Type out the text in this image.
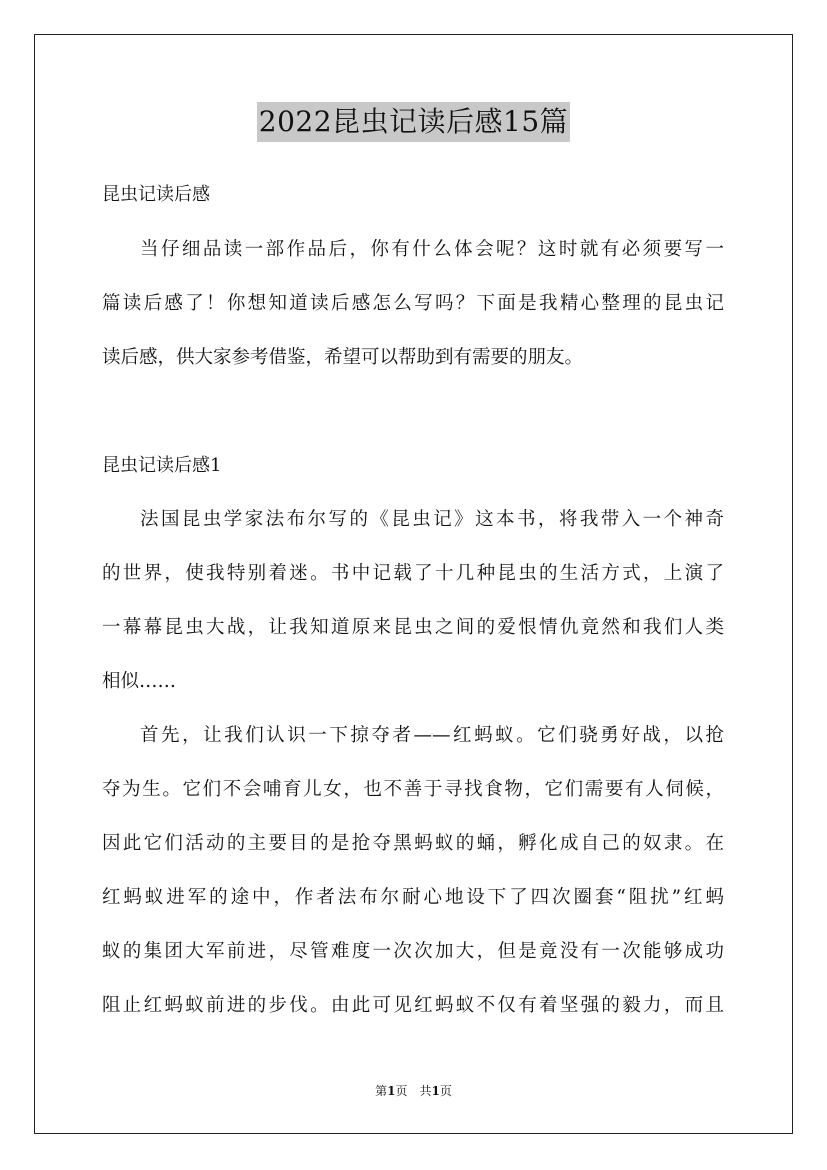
2022昆虫记读后感15篇
昆虫记读后感
当仔细品读一部作品后，你有什么体会呢？这时就有必须要写一
篇读后感了！你想知道读后感怎么写吗？下面是我精心整理的昆虫记
读后感，供大家参考借鉴，希望可以帮助到有需要的朋友。
昆虫记读后感1
法国昆虫学家法布尔写的《昆虫记》这本书，将我带入一个神奇
的世界，使我特别着迷。书中记载了十几种昆虫的生活方式，上演了
一幕幕昆虫大战，让我知道原来昆虫之间的爱恨情仇竟然和我们人类
相似……
首先，让我们认识一下掠夺者——红蚂蚁。它们骁勇好战，以抢
夺为生。它们不会哺育儿女，也不善于寻找食物，它们需要有人伺候，
因此它们活动的主要目的是抢夺黑蚂蚁的蛹，孵化成自己的奴隶。在
红蚂蚁进军的途中，作者法布尔耐心地设下了四次圈套“阻扰”红蚂
蚁的集团大军前进，尽管难度一次次加大，但是竟没有一次能够成功
阻止红蚂蚁前进的步伐。由此可见红蚂蚁不仅有着坚强的毅力，而且
第1页　共1页
